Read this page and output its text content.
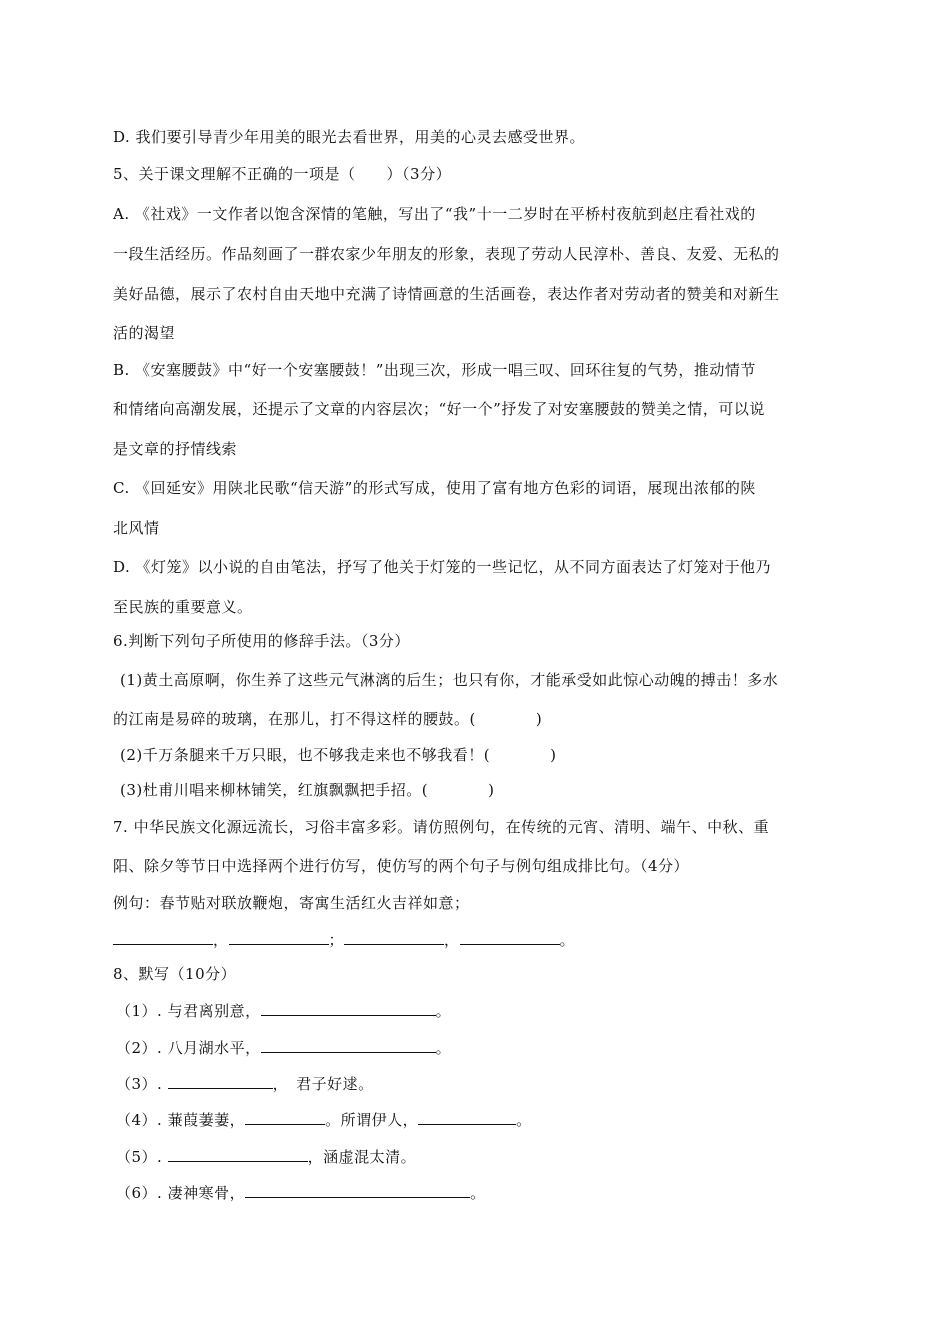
D. 我们要引导青少年用美的眼光去看世界，用美的心灵去感受世界。
5、关于课文理解不正确的一项是（　　）（3分）
A. 《社戏》一文作者以饱含深情的笔触，写出了“我”十一二岁时在平桥村夜航到赵庄看社戏的
一段生活经历。作品刻画了一群农家少年朋友的形象，表现了劳动人民淳朴、善良、友爱、无私的
美好品德，展示了农村自由天地中充满了诗情画意的生活画卷，表达作者对劳动者的赞美和对新生
活的渴望
B. 《安塞腰鼓》中“好一个安塞腰鼓！”出现三次，形成一唱三叹、回环往复的气势，推动情节
和情绪向高潮发展，还提示了文章的内容层次；“好一个”抒发了对安塞腰鼓的赞美之情，可以说
是文章的抒情线索
C. 《回延安》用陕北民歌“信天游”的形式写成，使用了富有地方色彩的词语，展现出浓郁的陕
北风情
D. 《灯笼》以小说的自由笔法，抒写了他关于灯笼的一些记忆，从不同方面表达了灯笼对于他乃
至民族的重要意义。
6.判断下列句子所使用的修辞手法。（3分）
(1)黄土高原啊，你生养了这些元气淋漓的后生；也只有你，才能承受如此惊心动魄的搏击！多水
的江南是易碎的玻璃，在那儿，打不得这样的腰鼓。(	)
(2)千万条腿来千万只眼，也不够我走来也不够我看！(	)
(3)杜甫川唱来柳林铺笑，红旗飘飘把手招。(	)
7. 中华民族文化源远流长，习俗丰富多彩。请仿照例句，在传统的元宵、清明、端午、中秋、重
阳、除夕等节日中选择两个进行仿写，使仿写的两个句子与例句组成排比句。（4分）
例句：春节贴对联放鞭炮，寄寓生活红火吉祥如意；
，	；	，	。
8、默写（10分）
（1）. 与君离别意，	。
（2）. 八月湖水平，	。
（3）.	，　君子好逑。
（4）. 蒹葭萋萋，	。所谓伊人，	。
（5）.	，涵虚混太清。
（6）. 凄神寒骨，	。
